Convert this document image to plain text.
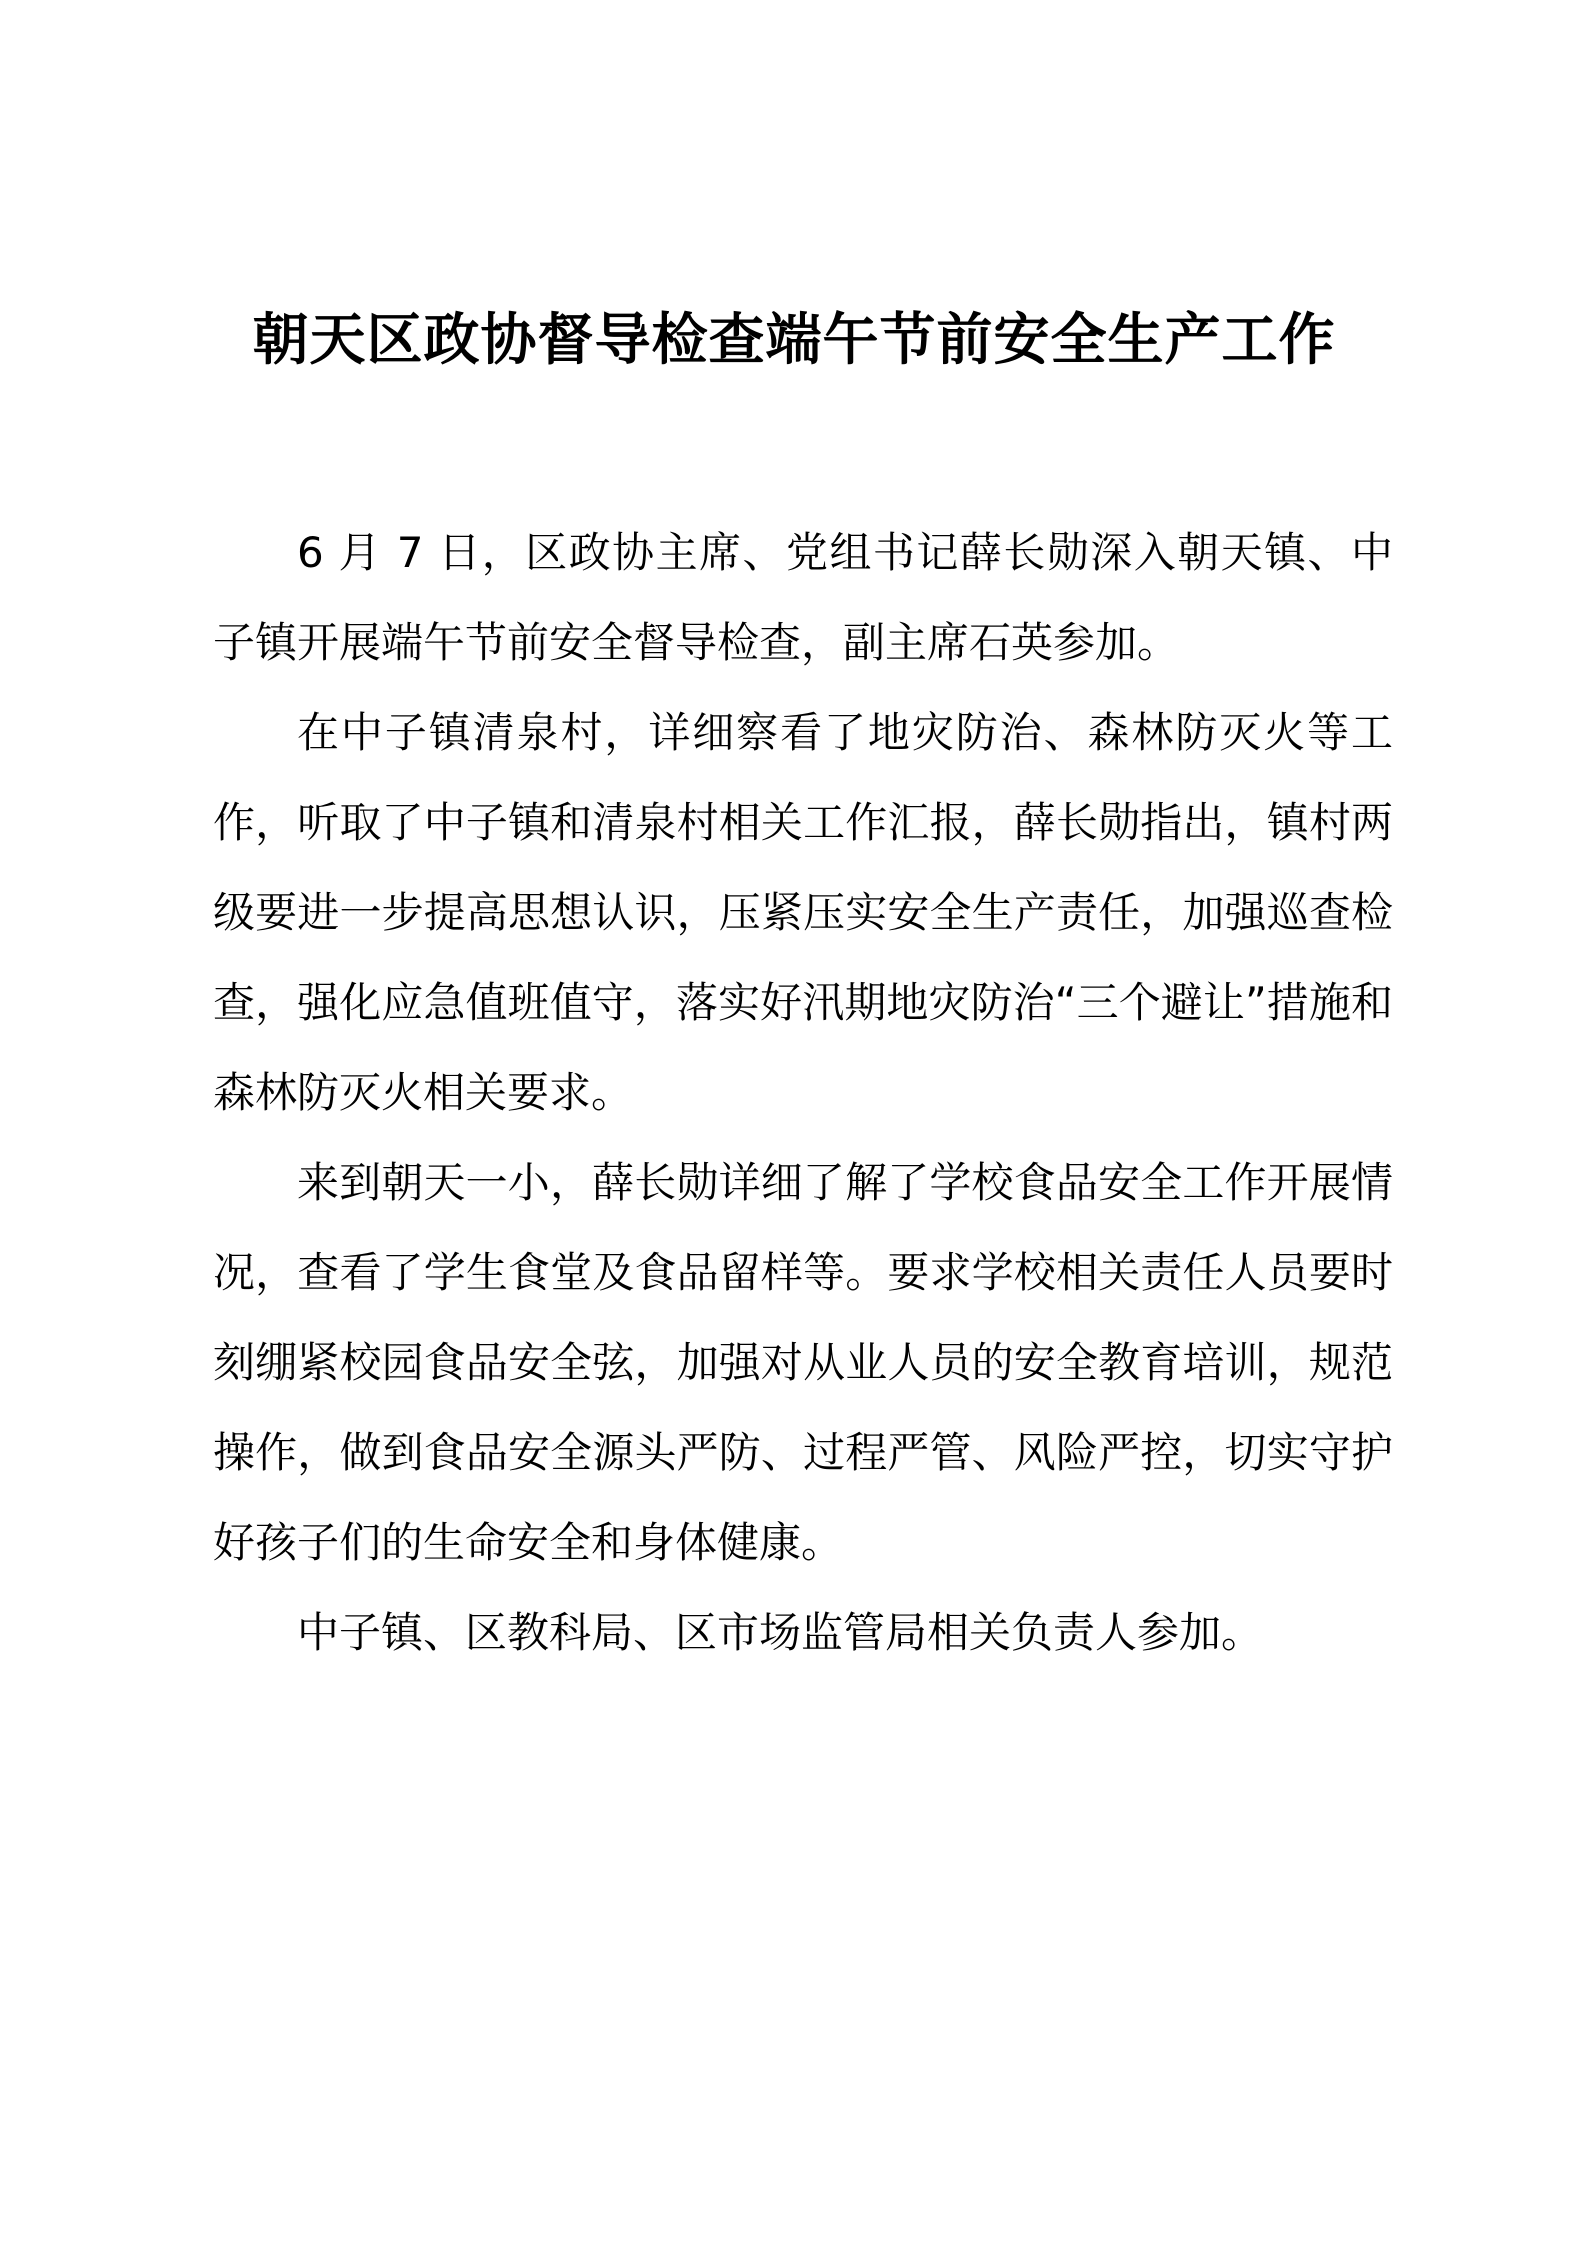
朝天区政协督导检查端午节前安全生产工作

6 月 7 日，区政协主席、党组书记薛长勋深入朝天镇、中子镇开展端午节前安全督导检查，副主席石英参加。

在中子镇清泉村，详细察看了地灾防治、森林防灭火等工作，听取了中子镇和清泉村相关工作汇报，薛长勋指出，镇村两级要进一步提高思想认识，压紧压实安全生产责任，加强巡查检查，强化应急值班值守，落实好汛期地灾防治“三个避让”措施和森林防灭火相关要求。

来到朝天一小，薛长勋详细了解了学校食品安全工作开展情况，查看了学生食堂及食品留样等。要求学校相关责任人员要时刻绷紧校园食品安全弦，加强对从业人员的安全教育培训，规范操作，做到食品安全源头严防、过程严管、风险严控，切实守护好孩子们的生命安全和身体健康。

中子镇、区教科局、区市场监管局相关负责人参加。
